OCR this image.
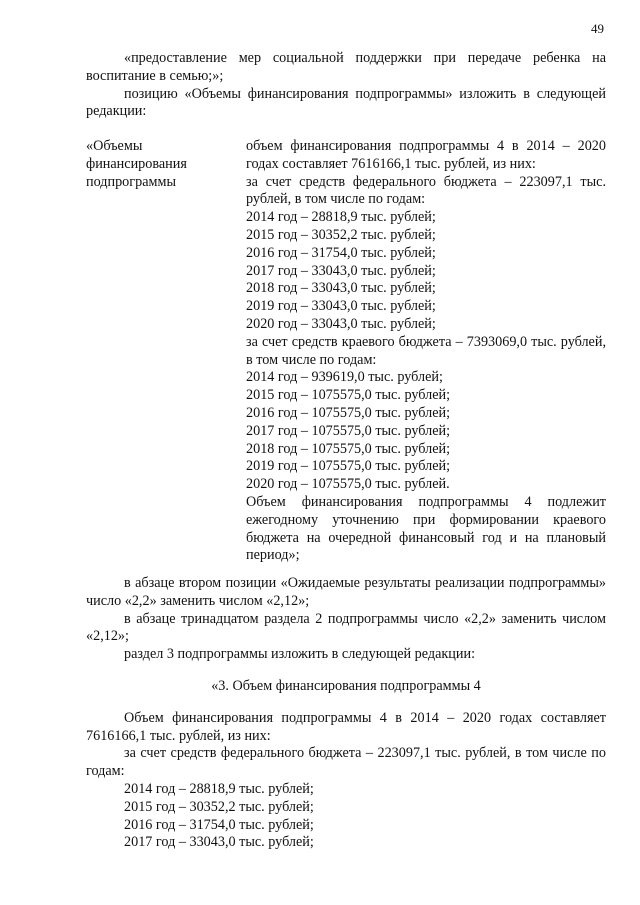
49

«предоставление мер социальной поддержки при передаче ребенка на воспитание в семью;»;

позицию «Объемы финансирования подпрограммы» изложить в следующей редакции:

«Объемы финансирования подпрограммы

объем финансирования подпрограммы 4 в 2014 – 2020 годах составляет 7616166,1 тыс. рублей, из них:

за счет средств федерального бюджета – 223097,1 тыс. рублей, в том числе по годам:

2014 год – 28818,9 тыс. рублей;

2015 год – 30352,2 тыс. рублей;

2016 год – 31754,0 тыс. рублей;

2017 год – 33043,0 тыс. рублей;

2018 год – 33043,0 тыс. рублей;

2019 год – 33043,0 тыс. рублей;

2020 год – 33043,0 тыс. рублей;

за счет средств краевого бюджета – 7393069,0 тыс. рублей, в том числе по годам:

2014 год – 939619,0 тыс. рублей;

2015 год – 1075575,0 тыс. рублей;

2016 год – 1075575,0 тыс. рублей;

2017 год – 1075575,0 тыс. рублей;

2018 год – 1075575,0 тыс. рублей;

2019 год – 1075575,0 тыс. рублей;

2020 год – 1075575,0 тыс. рублей.

Объем финансирования подпрограммы 4 подлежит ежегодному уточнению при формировании краевого бюджета на очередной финансовый год и на плановый период»;

в абзаце втором позиции «Ожидаемые результаты реализации подпрограммы» число «2,2» заменить числом «2,12»;

в абзаце тринадцатом раздела 2 подпрограммы число «2,2» заменить числом «2,12»;

раздел 3 подпрограммы изложить в следующей редакции:

«3. Объем финансирования подпрограммы 4

Объем финансирования подпрограммы 4 в 2014 – 2020 годах составляет 7616166,1 тыс. рублей, из них:

за счет средств федерального бюджета – 223097,1 тыс. рублей, в том числе по годам:

2014 год – 28818,9 тыс. рублей;

2015 год – 30352,2 тыс. рублей;

2016 год – 31754,0 тыс. рублей;

2017 год – 33043,0 тыс. рублей;
